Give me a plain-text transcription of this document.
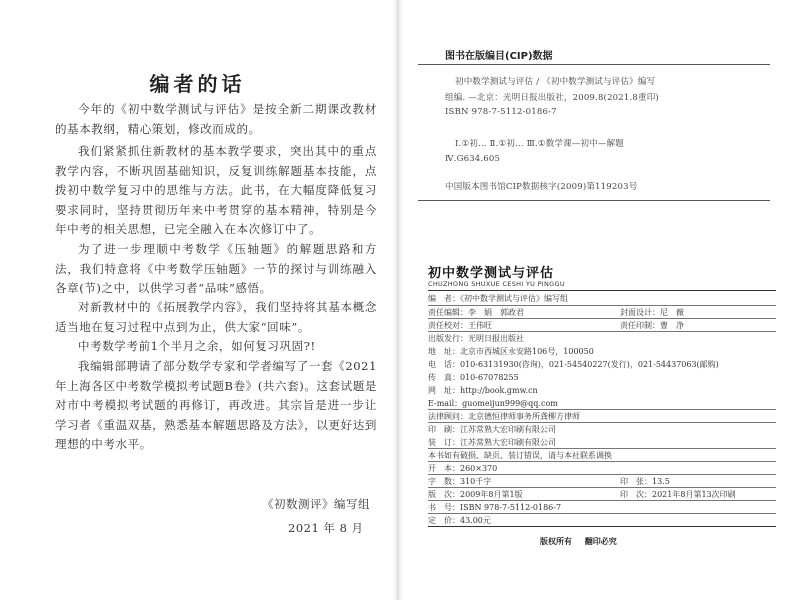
编者的话

今年的《初中数学测试与评估》是按全新二期课改教材的基本教纲，精心策划，修改而成的。

我们紧紧抓住新教材的基本教学要求，突出其中的重点教学内容，不断巩固基础知识，反复训练解题基本技能，点拨初中数学复习中的思维与方法。此书，在大幅度降低复习要求同时，坚持贯彻历年来中考贯穿的基本精神，特别是今年中考的相关思想，已完全融入在本次修订中了。

为了进一步理顺中考数学《压轴题》的解题思路和方法，我们特意将《中考数学压轴题》一节的探讨与训练融入各章(节)之中，以供学习者“品味”感悟。

对新教材中的《拓展教学内容》，我们坚持将其基本概念适当地在复习过程中点到为止，供大家“回味”。

中考数学考前1个半月之余，如何复习巩固?!

我编辑部聘请了部分数学专家和学者编写了一套《2021年上海各区中考数学模拟考试题B卷》(共六套)。这套试题是对市中考模拟考试题的再修订，再改进。其宗旨是进一步让学习者《重温双基，熟悉基本解题思路及方法》，以更好达到理想的中考水平。

《初数测评》编写组
2021 年 8 月
图书在版编目(CIP)数据
初中数学测试与评估 / 《初中数学测试与评估》编写
组编. —北京：光明日报出版社，2009.8(2021.8重印)
ISBN 978-7-5112-0186-7
Ⅰ.①初… Ⅱ.①初… Ⅲ.①数学课—初中—解题
Ⅳ.G634.605
中国版本图书馆CIP数据核字(2009)第119203号
初中数学测试与评估
CHUZHONG SHUXUE CESHI YU PINGGU
编　者：《初中数学测试与评估》编写组
责任编辑：李　娟　郭政君	封面设计：尼　薇
责任校对：王伟旺	责任印制：曹　净
出版发行：光明日报出版社
地　址：北京市西城区永安路106号，100050
电　话：010-63131930(咨询)，021-54540227(发行)，021-54437063(邮购)
传　真：010-67078255
网　址：http://book.gmw.cn
E-mail：guomeijun999@qq.com
法律顾问：北京德恒律师事务所龚柳方律师
印　刷：江苏常熟大宏印刷有限公司
装　订：江苏常熟大宏印刷有限公司
本书如有破损、缺页、装订错误，请与本社联系调换
开　本：260×370
字　数：310千字	印　张：13.5
版　次：2009年8月第1版	印　次：2021年8月第13次印刷
书　号：ISBN 978-7-5112-0186-7
定　价：43.00元
版权所有 翻印必究
